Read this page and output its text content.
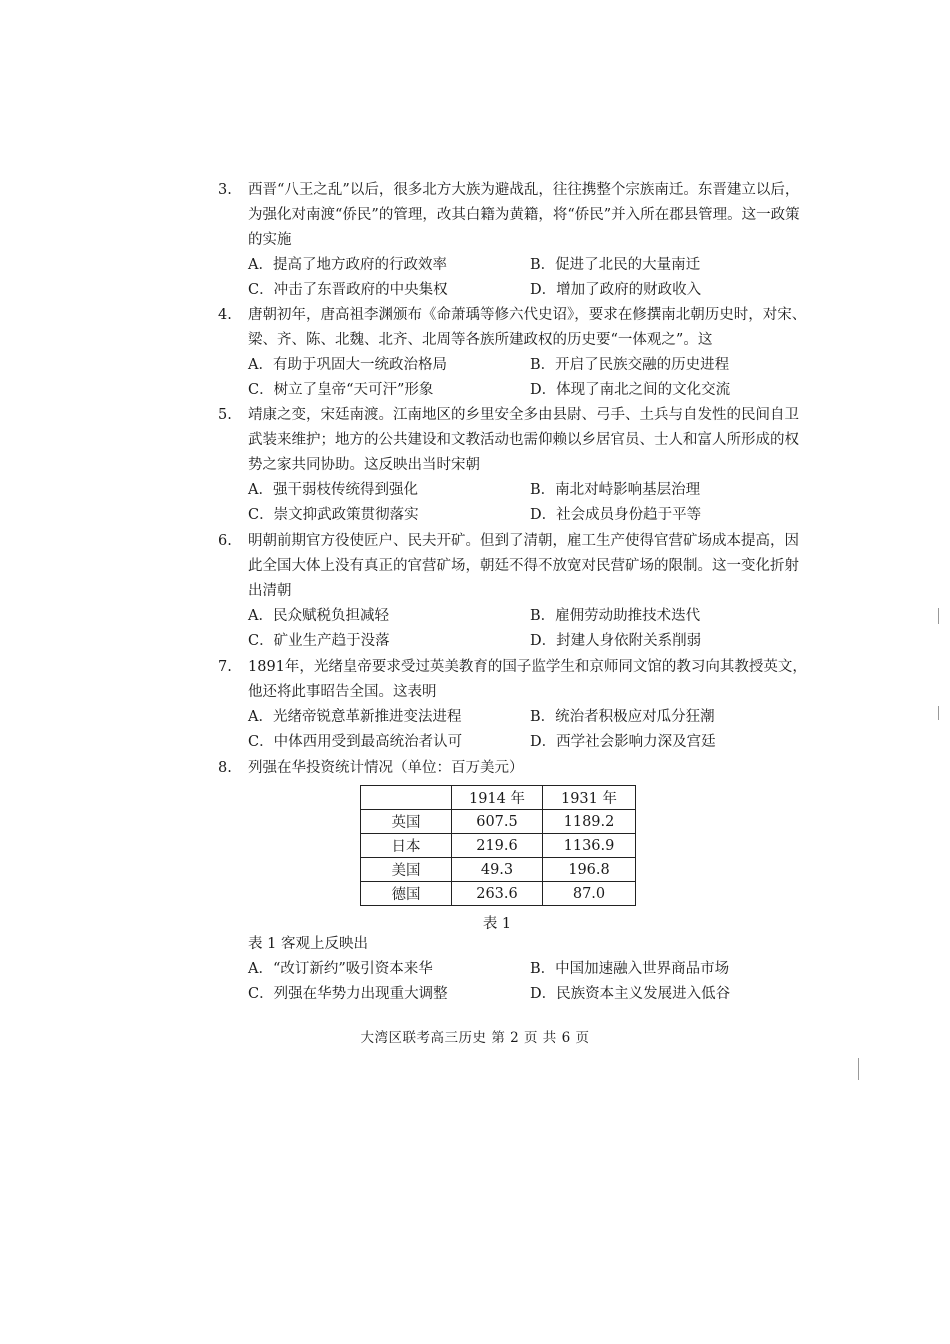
3.	西晋“八王之乱”以后，很多北方大族为避战乱，往往携整个宗族南迁。东晋建立以后，为强化对南渡“侨民”的管理，改其白籍为黄籍，将“侨民”并入所在郡县管理。这一政策的实施
A．提高了地方政府的行政效率	B．促进了北民的大量南迁
C．冲击了东晋政府的中央集权	D．增加了政府的财政收入
4.	唐朝初年，唐高祖李渊颁布《命萧瑀等修六代史诏》，要求在修撰南北朝历史时，对宋、梁、齐、陈、北魏、北齐、北周等各族所建政权的历史要“一体观之”。这
A．有助于巩固大一统政治格局	B．开启了民族交融的历史进程
C．树立了皇帝“天可汗”形象	D．体现了南北之间的文化交流
5.	靖康之变，宋廷南渡。江南地区的乡里安全多由县尉、弓手、土兵与自发性的民间自卫武装来维护；地方的公共建设和文教活动也需仰赖以乡居官员、士人和富人所形成的权势之家共同协助。这反映出当时宋朝
A．强干弱枝传统得到强化	B．南北对峙影响基层治理
C．崇文抑武政策贯彻落实	D．社会成员身份趋于平等
6.	明朝前期官方役使匠户、民夫开矿。但到了清朝，雇工生产使得官营矿场成本提高，因此全国大体上没有真正的官营矿场，朝廷不得不放宽对民营矿场的限制。这一变化折射出清朝
A．民众赋税负担减轻	B．雇佣劳动助推技术迭代
C．矿业生产趋于没落	D．封建人身依附关系削弱
7.	1891年，光绪皇帝要求受过英美教育的国子监学生和京师同文馆的教习向其教授英文，他还将此事昭告全国。这表明
A．光绪帝锐意革新推进变法进程	B．统治者积极应对瓜分狂潮
C．中体西用受到最高统治者认可	D．西学社会影响力深及宫廷
8.	列强在华投资统计情况（单位：百万美元）
	1914 年	1931 年
英国	607.5	1189.2
日本	219.6	1136.9
美国	49.3	196.8
德国	263.6	87.0
表 1
表 1 客观上反映出
A．“改订新约”吸引资本来华	B．中国加速融入世界商品市场
C．列强在华势力出现重大调整	D．民族资本主义发展进入低谷
大湾区联考高三历史 第 2 页 共 6 页
